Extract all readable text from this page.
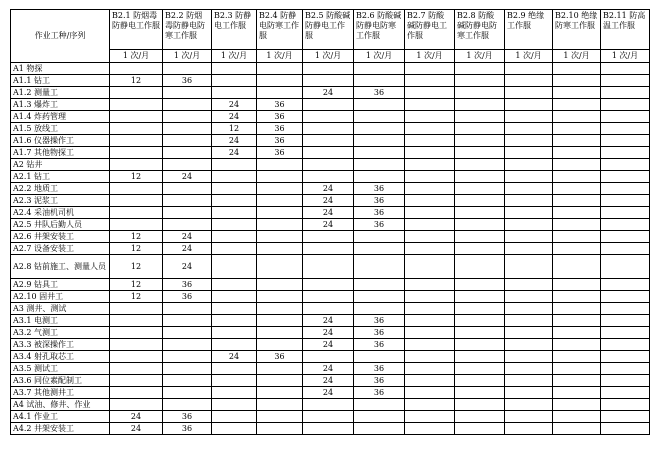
作业工种/序列	B2.1 防烟毒防静电工作服	B2.2 防烟毒防静电防寒工作服	B2.3 防静电工作服	B2.4 防静电防寒工作服	B2.5 防酸碱防静电工作服	B2.6 防酸碱防静电防寒工作服	B2.7 防酸碱防静电工作服	B2.8 防酸碱防静电防寒工作服	B2.9 绝缘工作服	B2.10 绝缘防寒工作服	B2.11 防高温工作服
	1 次/月	1 次/月	1 次/月	1 次/月	1 次/月	1 次/月	1 次/月	1 次/月	1 次/月	1 次/月	1 次/月
A1 物探											
A1.1 钻工	12	36									
A1.2 测量工					24	36					
A1.3 爆炸工			24	36							
A1.4 炸药管理			24	36							
A1.5 放线工			12	36							
A1.6 仪器操作工			24	36							
A1.7 其他物探工			24	36							
A2 钻井											
A2.1 钻工	12	24									
A2.2 地质工					24	36					
A2.3 泥浆工					24	36					
A2.4 采油机司机					24	36					
A2.5 井队后勤人员					24	36					
A2.6 井架安装工	12	24									
A2.7 设备安装工	12	24									
A2.8 钻前施工、测量人员	12	24									
A2.9 钻具工	12	36									
A2.10 固井工	12	36									
A3 测井、测试											
A3.1 电测工					24	36					
A3.2 气测工					24	36					
A3.3 被深操作工					24	36					
A3.4 射孔取芯工			24	36							
A3.5 测试工					24	36					
A3.6 同位素配制工					24	36					
A3.7 其他测井工					24	36					
A4 试油、修井、作业											
A4.1 作业工	24	36									
A4.2 井架安装工	24	36									
